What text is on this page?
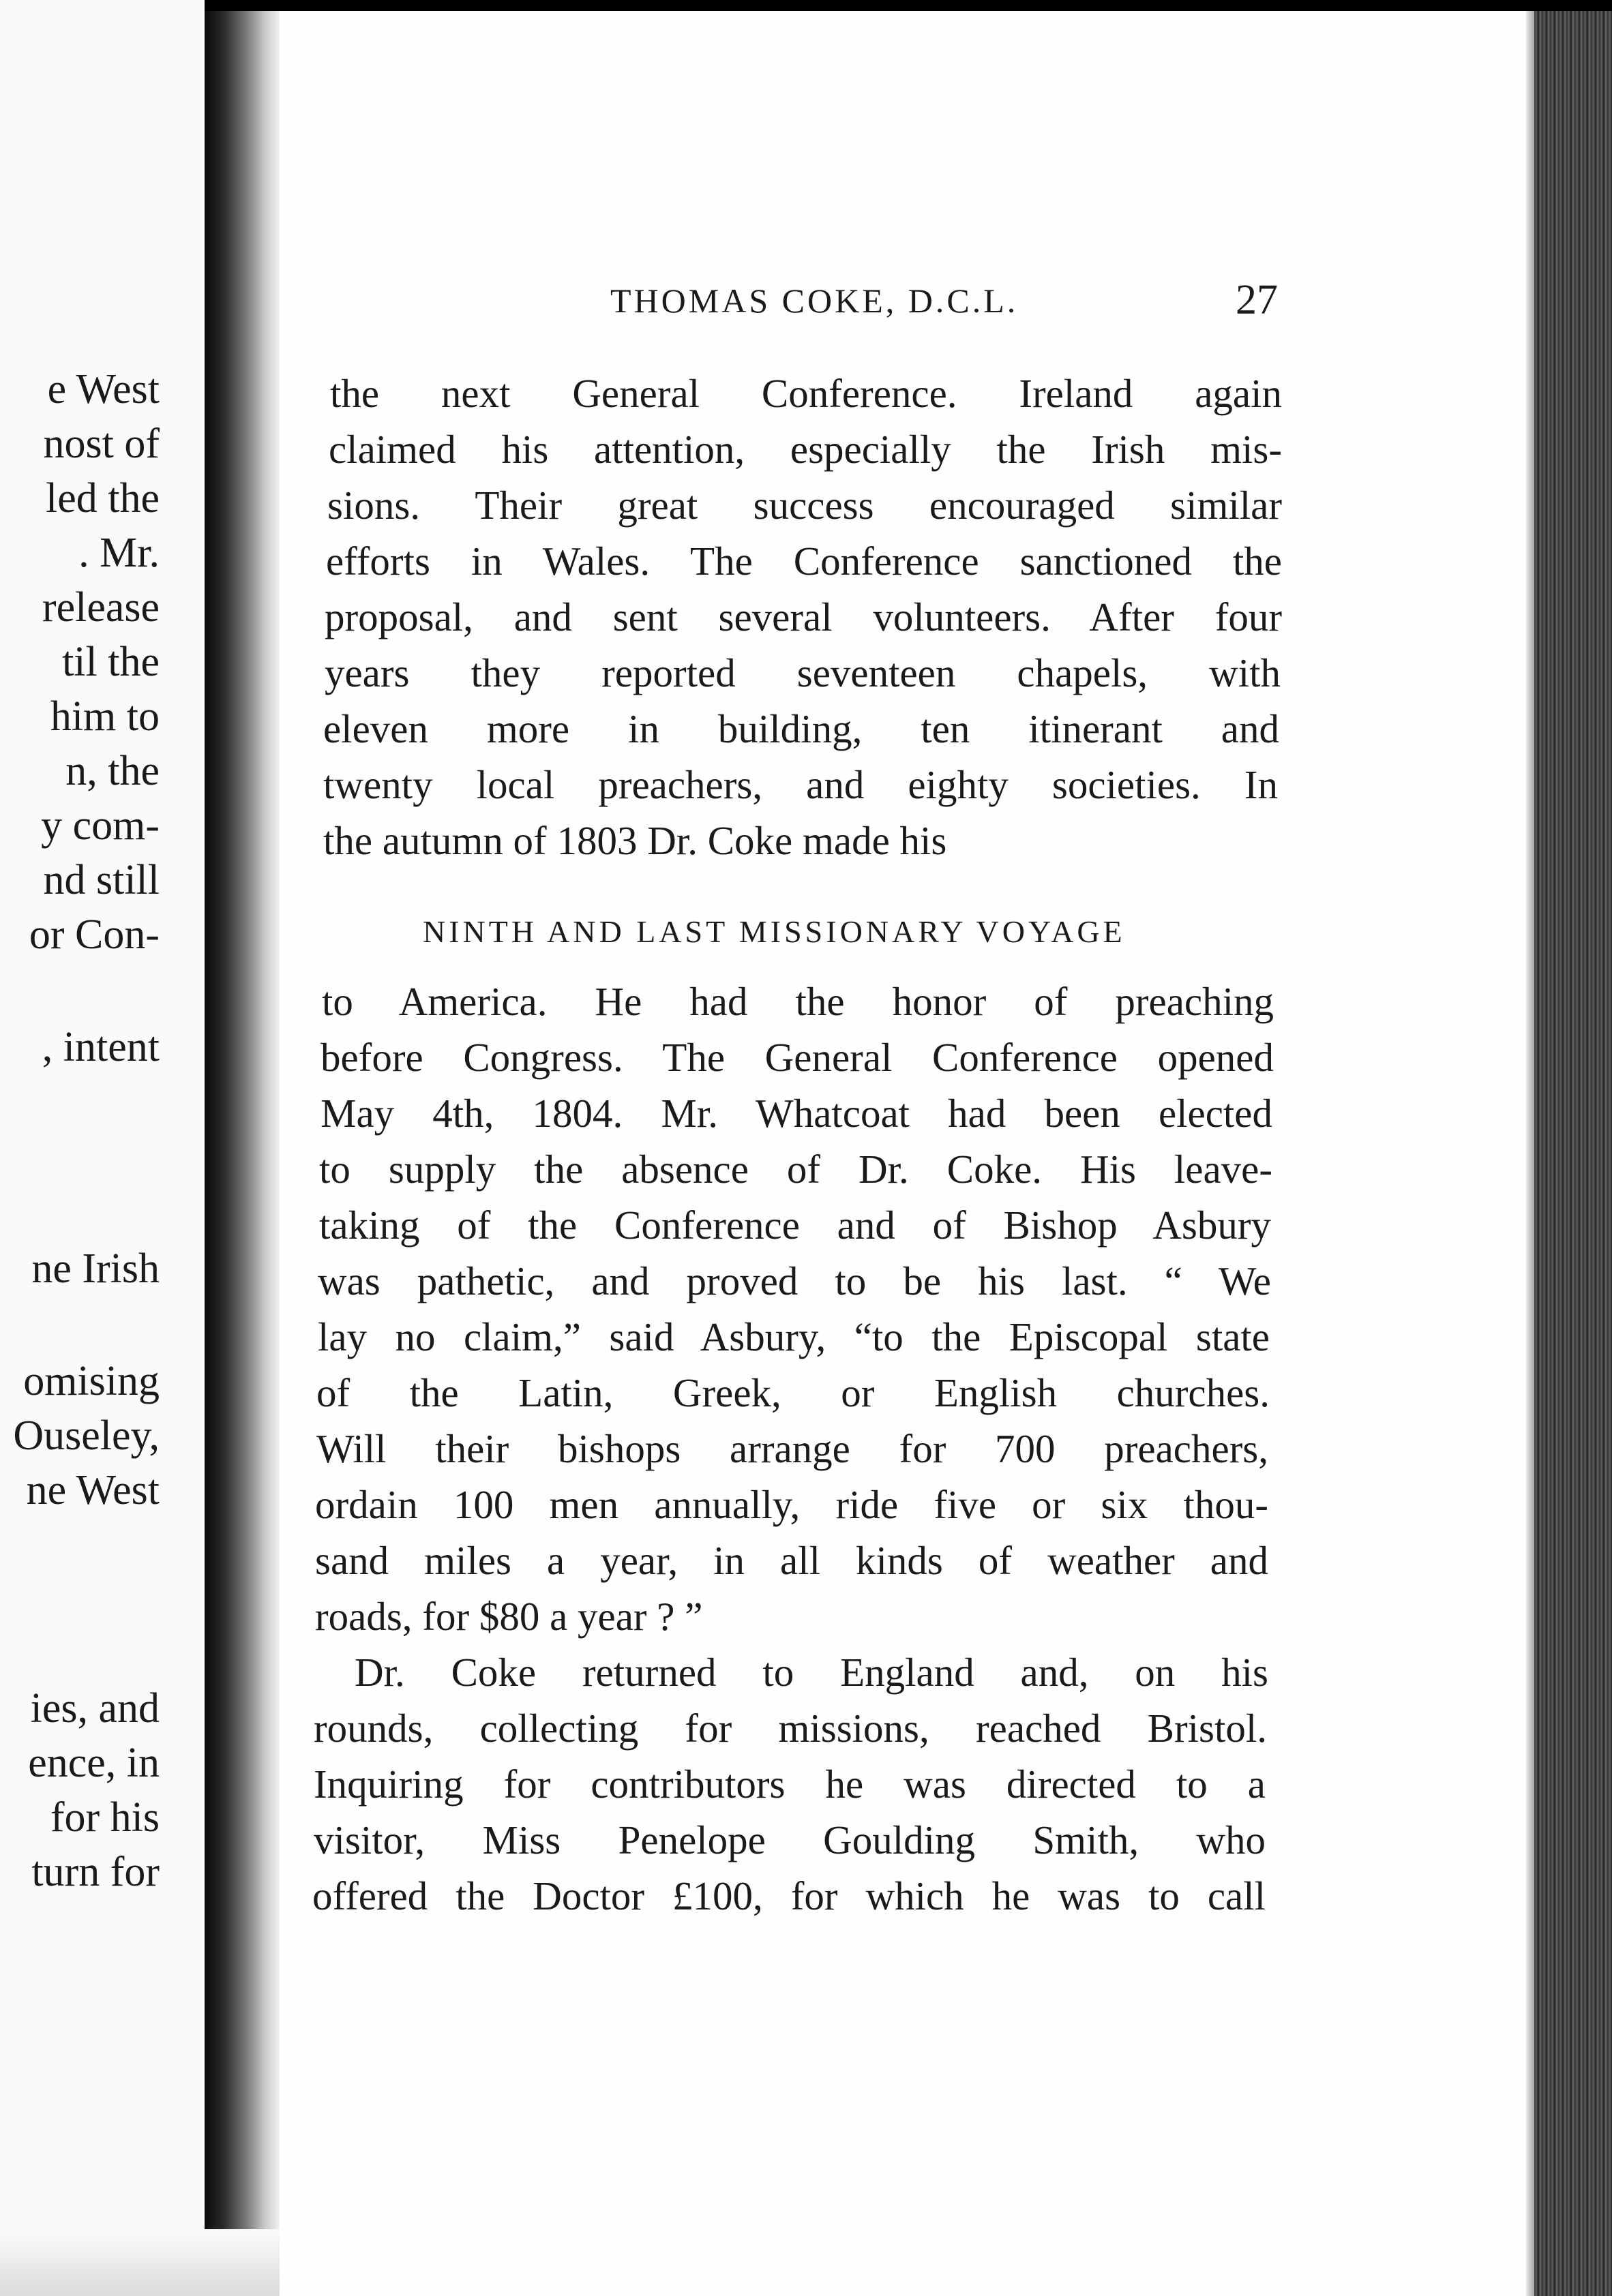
e West
nost of
led the
. Mr.
release
til the
him to
n, the
y com-
nd still
or Con-
, intent
ne Irish
omising
Ouseley,
ne West
ies, and
ence, in
for his
turn for
THOMAS COKE, D.C.L.	27
the next General Conference. Ireland again
claimed his attention, especially the Irish mis-
sions. Their great success encouraged similar
efforts in Wales. The Conference sanctioned the
proposal, and sent several volunteers. After four
years they reported seventeen chapels, with
eleven more in building, ten itinerant and
twenty local preachers, and eighty societies. In
the autumn of 1803 Dr. Coke made his
NINTH AND LAST MISSIONARY VOYAGE
to America. He had the honor of preaching
before Congress. The General Conference opened
May 4th, 1804. Mr. Whatcoat had been elected
to supply the absence of Dr. Coke. His leave-
taking of the Conference and of Bishop Asbury
was pathetic, and proved to be his last. “ We
lay no claim,” said Asbury, “to the Episcopal state
of the Latin, Greek, or English churches.
Will their bishops arrange for 700 preachers,
ordain 100 men annually, ride five or six thou-
sand miles a year, in all kinds of weather and
roads, for $80 a year ? ”
Dr. Coke returned to England and, on his
rounds, collecting for missions, reached Bristol.
Inquiring for contributors he was directed to a
visitor, Miss Penelope Goulding Smith, who
offered the Doctor £100, for which he was to call
